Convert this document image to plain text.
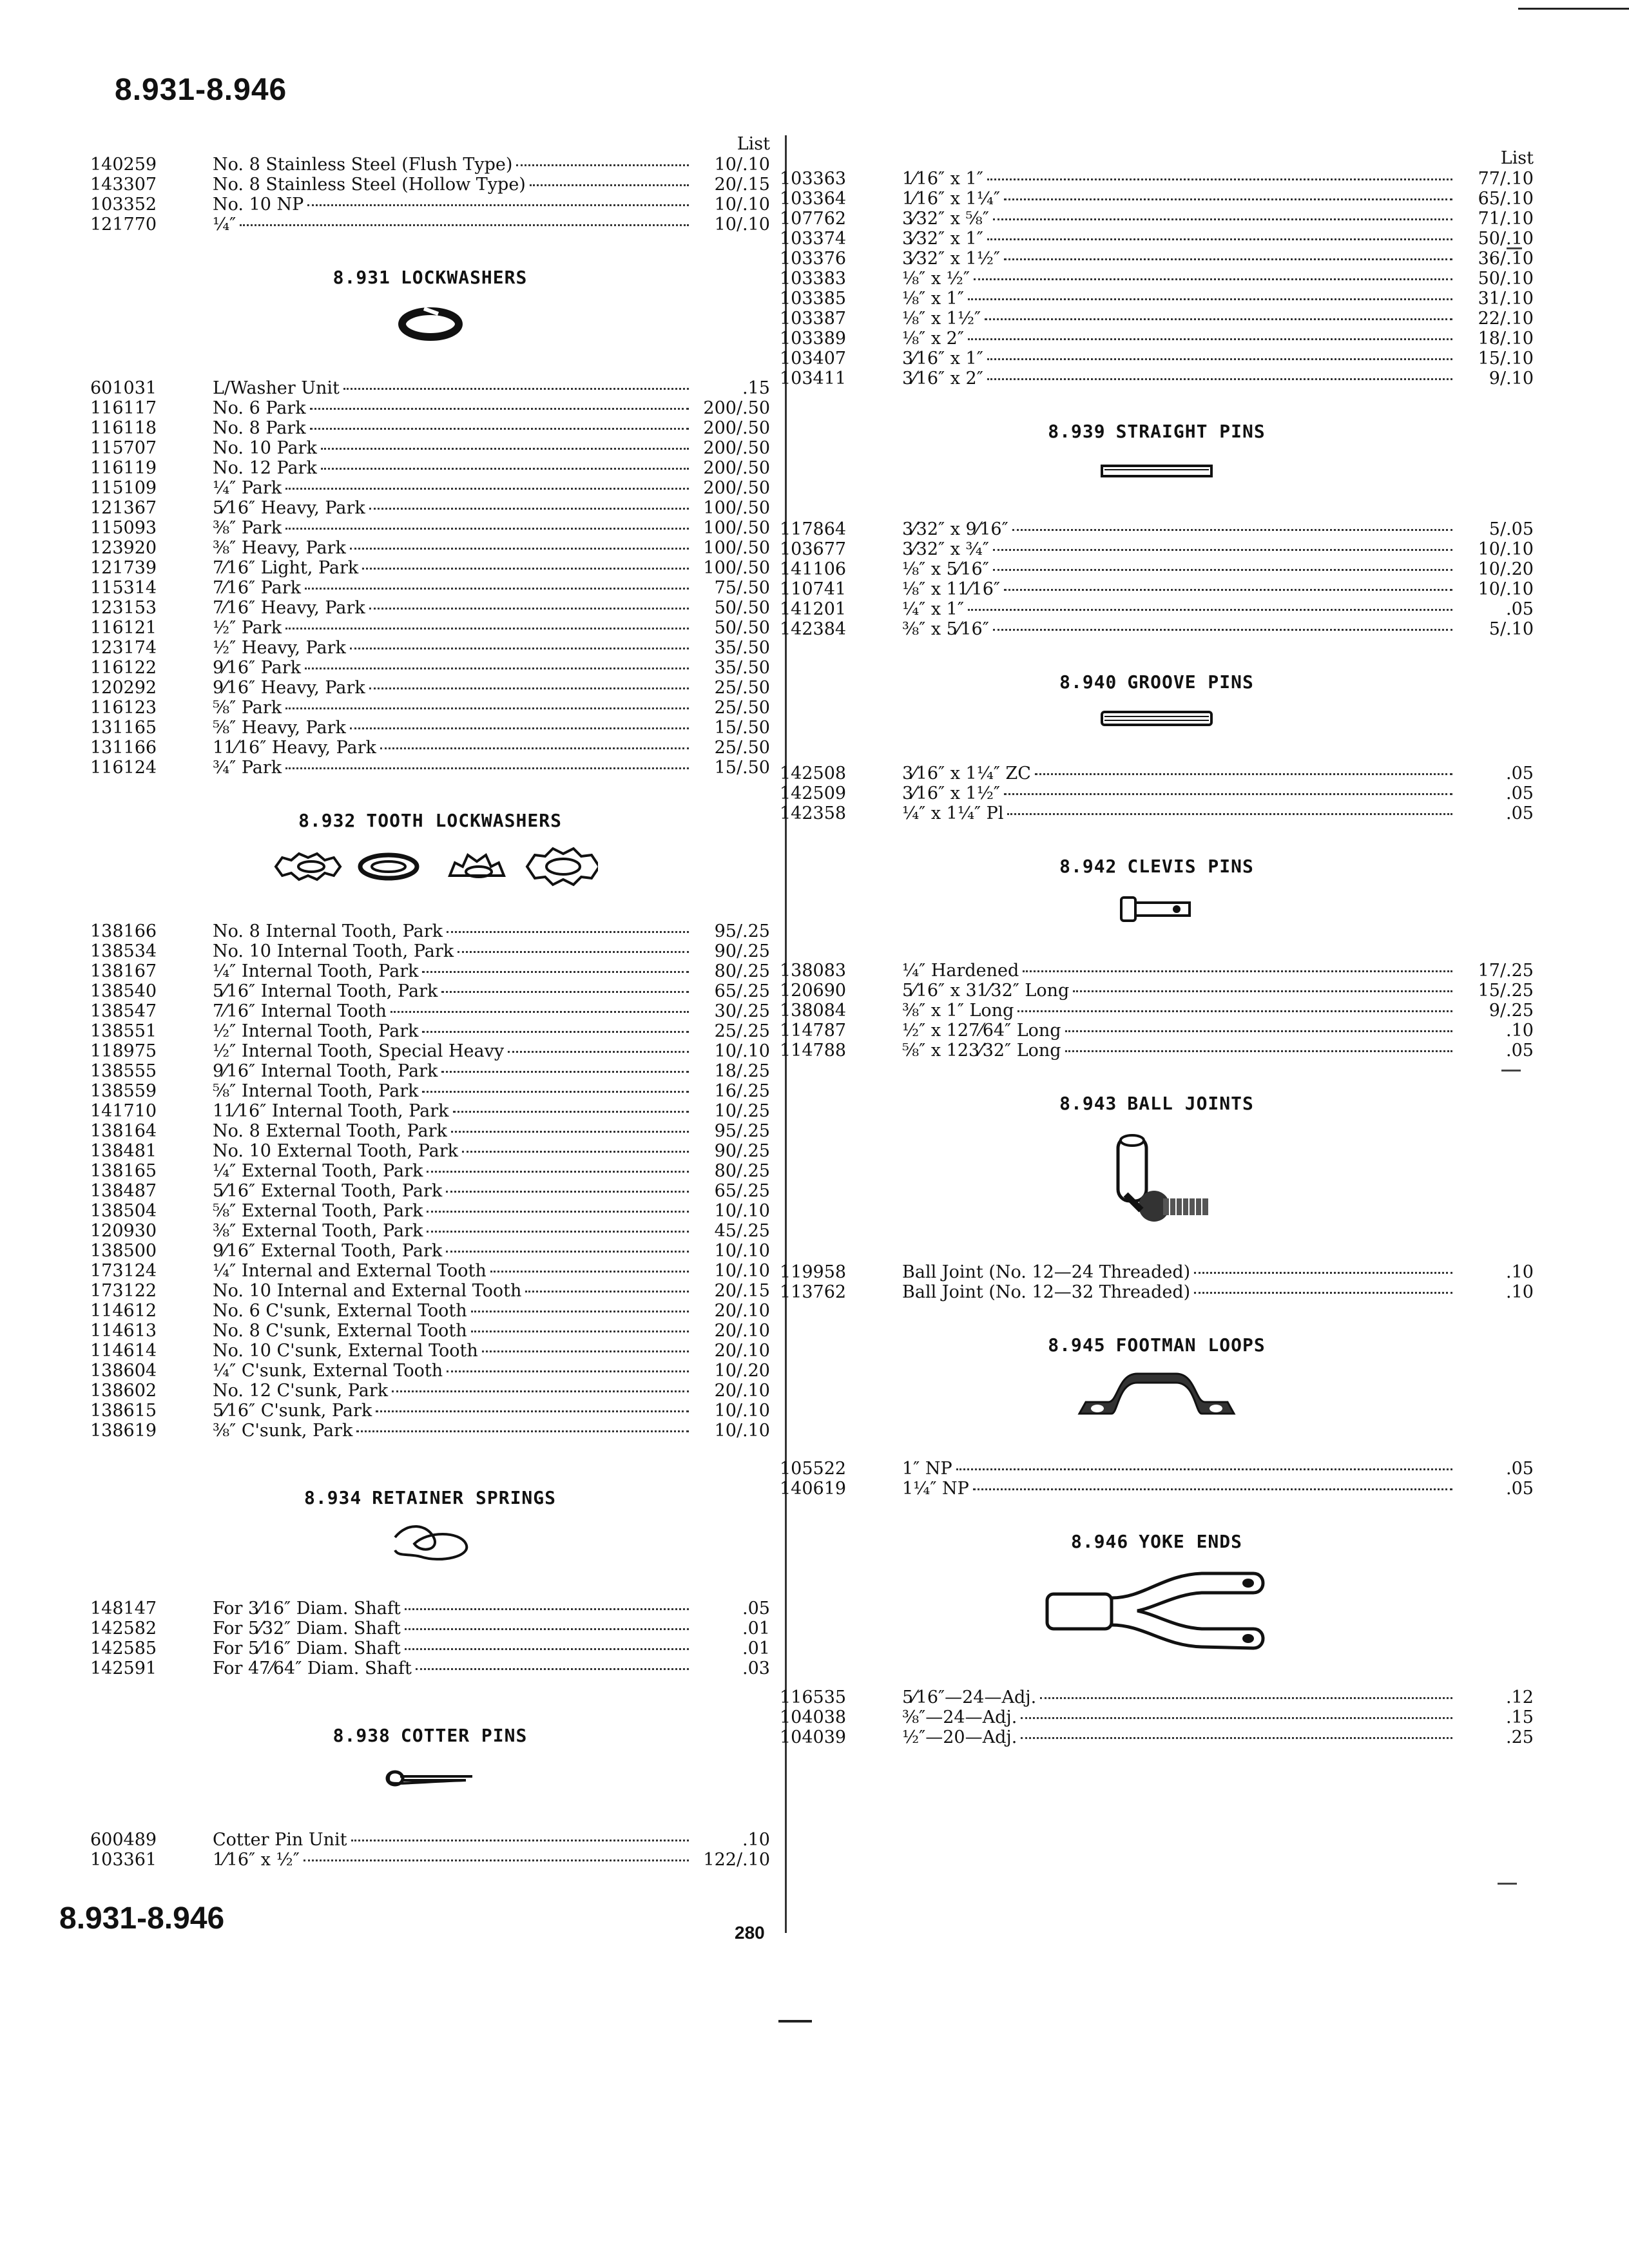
8.931-8.946
List
140259	No. 8 Stainless Steel (Flush Type)	10/.10
143307	No. 8 Stainless Steel (Hollow Type)	20/.15
103352	No. 10 NP	10/.10
121770	¼″	10/.10
8.931 LOCKWASHERS
601031	L/Washer Unit	.15
116117	No. 6 Park	200/.50
116118	No. 8 Park	200/.50
115707	No. 10 Park	200/.50
116119	No. 12 Park	200/.50
115109	¼″ Park	200/.50
121367	5⁄16″ Heavy, Park	100/.50
115093	⅜″ Park	100/.50
123920	⅜″ Heavy, Park	100/.50
121739	7⁄16″ Light, Park	100/.50
115314	7⁄16″ Park	75/.50
123153	7⁄16″ Heavy, Park	50/.50
116121	½″ Park	50/.50
123174	½″ Heavy, Park	35/.50
116122	9⁄16″ Park	35/.50
120292	9⁄16″ Heavy, Park	25/.50
116123	⅝″ Park	25/.50
131165	⅝″ Heavy, Park	15/.50
131166	11⁄16″ Heavy, Park	25/.50
116124	¾″ Park	15/.50
8.932 TOOTH LOCKWASHERS
138166	No. 8 Internal Tooth, Park	95/.25
138534	No. 10 Internal Tooth, Park	90/.25
138167	¼″ Internal Tooth, Park	80/.25
138540	5⁄16″ Internal Tooth, Park	65/.25
138547	7⁄16″ Internal Tooth	30/.25
138551	½″ Internal Tooth, Park	25/.25
118975	½″ Internal Tooth, Special Heavy	10/.10
138555	9⁄16″ Internal Tooth, Park	18/.25
138559	⅝″ Internal Tooth, Park	16/.25
141710	11⁄16″ Internal Tooth, Park	10/.25
138164	No. 8 External Tooth, Park	95/.25
138481	No. 10 External Tooth, Park	90/.25
138165	¼″ External Tooth, Park	80/.25
138487	5⁄16″ External Tooth, Park	65/.25
138504	⅝″ External Tooth, Park	10/.10
120930	⅜″ External Tooth, Park	45/.25
138500	9⁄16″ External Tooth, Park	10/.10
173124	¼″ Internal and External Tooth	10/.10
173122	No. 10 Internal and External Tooth	20/.15
114612	No. 6 C'sunk, External Tooth	20/.10
114613	No. 8 C'sunk, External Tooth	20/.10
114614	No. 10 C'sunk, External Tooth	20/.10
138604	¼″ C'sunk, External Tooth	10/.20
138602	No. 12 C'sunk, Park	20/.10
138615	5⁄16″ C'sunk, Park	10/.10
138619	⅜″ C'sunk, Park	10/.10
8.934 RETAINER SPRINGS
148147	For 3⁄16″ Diam. Shaft	.05
142582	For 5⁄32″ Diam. Shaft	.01
142585	For 5⁄16″ Diam. Shaft	.01
142591	For 47⁄64″ Diam. Shaft	.03
8.938 COTTER PINS
600489	Cotter Pin Unit	.10
103361	1⁄16″ x ½″	122/.10
List
103363	1⁄16″ x 1″	77/.10
103364	1⁄16″ x 1¼″	65/.10
107762	3⁄32″ x ⅝″	71/.10
103374	3⁄32″ x 1″	50/.10
103376	3⁄32″ x 1½″	36/.10
103383	⅛″ x ½″	50/.10
103385	⅛″ x 1″	31/.10
103387	⅛″ x 1½″	22/.10
103389	⅛″ x 2″	18/.10
103407	3⁄16″ x 1″	15/.10
103411	3⁄16″ x 2″	9/.10
8.939 STRAIGHT PINS
117864	3⁄32″ x 9⁄16″	5/.05
103677	3⁄32″ x ¾″	10/.10
141106	⅛″ x 5⁄16″	10/.20
110741	⅛″ x 11⁄16″	10/.10
141201	¼″ x 1″	.05
142384	⅜″ x 5⁄16″	5/.10
8.940 GROOVE PINS
142508	3⁄16″ x 1¼″ ZC	.05
142509	3⁄16″ x 1½″	.05
142358	¼″ x 1¼″ Pl	.05
8.942 CLEVIS PINS
138083	¼″ Hardened	17/.25
120690	5⁄16″ x 31⁄32″ Long	15/.25
138084	⅜″ x 1″ Long	9/.25
114787	½″ x 127⁄64″ Long	.10
114788	⅝″ x 123⁄32″ Long	.05
8.943 BALL JOINTS
119958	Ball Joint (No. 12—24 Threaded)	.10
113762	Ball Joint (No. 12—32 Threaded)	.10
8.945 FOOTMAN LOOPS
105522	1″ NP	.05
140619	1¼″ NP	.05
8.946 YOKE ENDS
116535	5⁄16″—24—Adj.	.12
104038	⅜″—24—Adj.	.15
104039	½″—20—Adj.	.25
8.931-8.946	280
